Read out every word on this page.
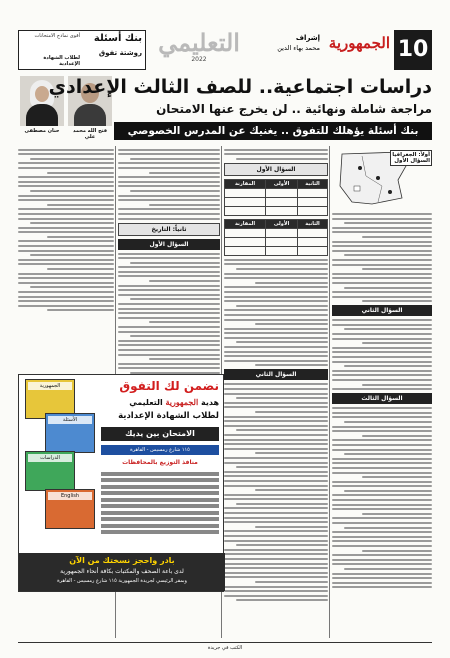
10
الجمهورية
إشراف
محمد بهاء الدين
التعليمي
2022
بنك أسئلة
روشتة تفوق
أقوى نماذج الامتحانات
لطلاب الشهادة الإعدادية
فتح الله محمد علي
حنان مصطفى
دراسات اجتماعية.. للصف الثالث الإعدادي
مراجعة شاملة ونهائية .. لن يخرج عنها الامتحان
بنك أسئلة يؤهلك للتفوق .. يغنيك عن المدرس الخصوصي
أولاً: الجغرافيا
السؤال الأول
السؤال الثاني
السؤال الثالث
السؤال الأول
المقارنة	الأولى	الثانية

المقارنة	الأولى	الثانية

السؤال الثاني
ثانياً: التاريخ
السؤال الأول
نضمن لك التفوق
هدية الجمهورية التعليمي
لطلاب الشهادة الإعدادية
الامتحان بين يديك
١١٥ شارع رمسيس - القاهرة
منافذ التوزيع بالمحافظات
الجمهورية
الأسئلة
الدراسات
English
بادر واحجز نسختك من الآن
لدى باعة الصحف والمكتبات بكافة أنحاء الجمهورية
وبمقر الرئيسي لجريدة الجمهورية ١١٥ شارع رمسيس - القاهرة
الكتب في جريدة
